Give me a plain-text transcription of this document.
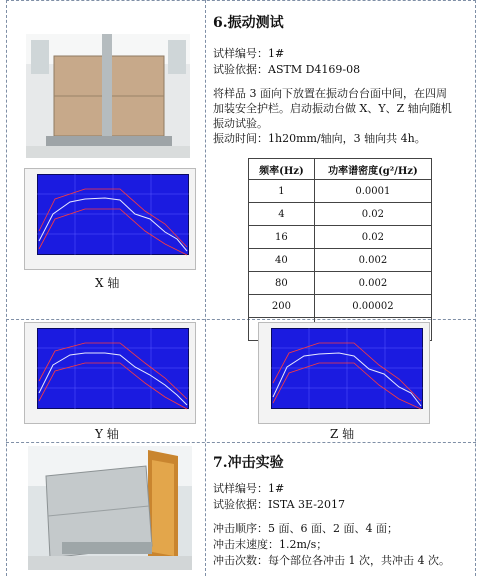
X 轴
6.振动测试
试样编号：1#
试验依据：ASTM D4169-08
将样品 3 面向下放置在振动台台面中间，在四周
加装安全护栏。启动振动台做 X、Y、Z 轴向随机
振动试验。
振动时间：1h20mm/轴向，3 轴向共 4h。
频率(Hz)	功率谱密度(g²/Hz)
1	0.0001
4	0.02
16	0.02
40	0.002
80	0.002
200	0.00002

Y 轴	Z 轴
7.冲击实验
试样编号：1#
试验依据：ISTA 3E-2017
冲击顺序：5 面、6 面、2 面、4 面；
冲击末速度：1.2m/s；
冲击次数：每个部位各冲击 1 次，共冲击 4 次。
